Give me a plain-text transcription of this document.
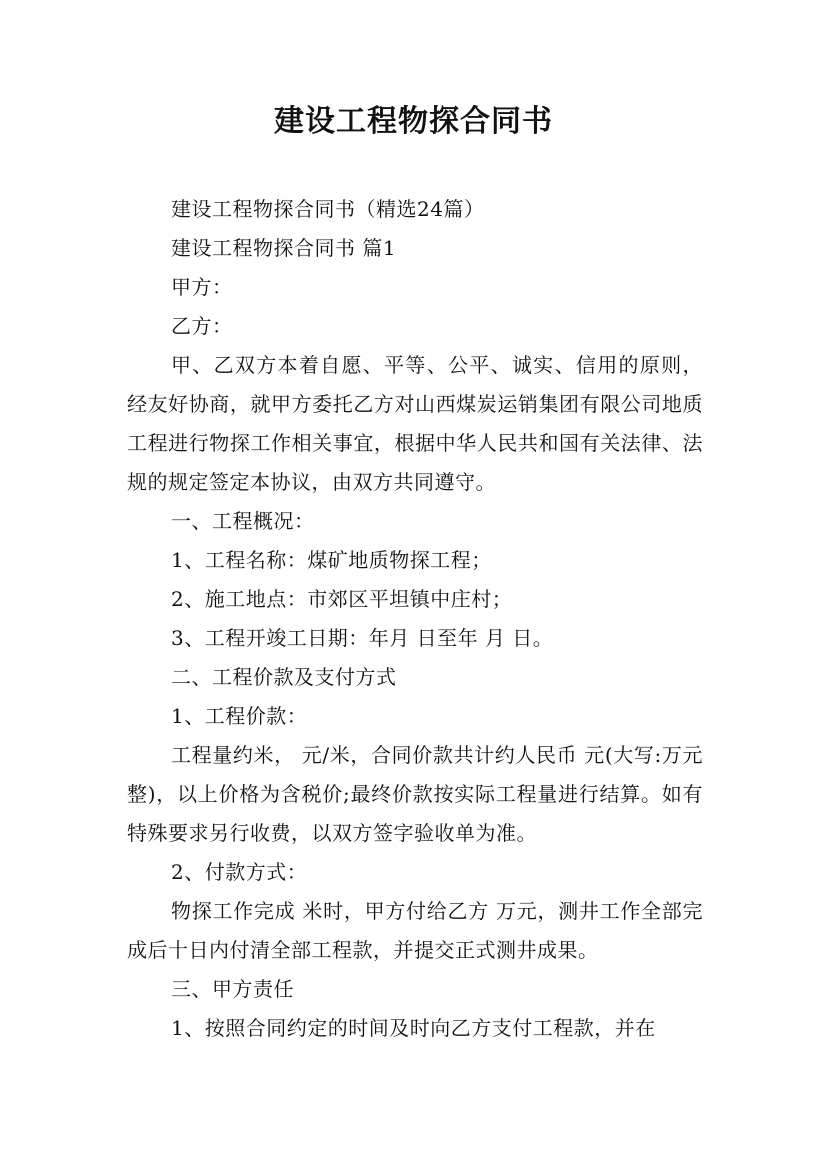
建设工程物探合同书

建设工程物探合同书（精选24篇）

建设工程物探合同书 篇1

甲方：

乙方：

甲、乙双方本着自愿、平等、公平、诚实、信用的原则，经友好协商，就甲方委托乙方对山西煤炭运销集团有限公司地质工程进行物探工作相关事宜，根据中华人民共和国有关法律、法规的规定签定本协议，由双方共同遵守。

一、工程概况：

1、工程名称：煤矿地质物探工程；

2、施工地点：市郊区平坦镇中庄村；

3、工程开竣工日期：年月 日至年 月 日。

二、工程价款及支付方式

1、工程价款：

工程量约米， 元/米，合同价款共计约人民币 元(大写:万元整)，以上价格为含税价;最终价款按实际工程量进行结算。如有特殊要求另行收费，以双方签字验收单为准。

2、付款方式：

物探工作完成 米时，甲方付给乙方 万元，测井工作全部完成后十日内付清全部工程款，并提交正式测井成果。

三、甲方责任

1、按照合同约定的时间及时向乙方支付工程款，并在
